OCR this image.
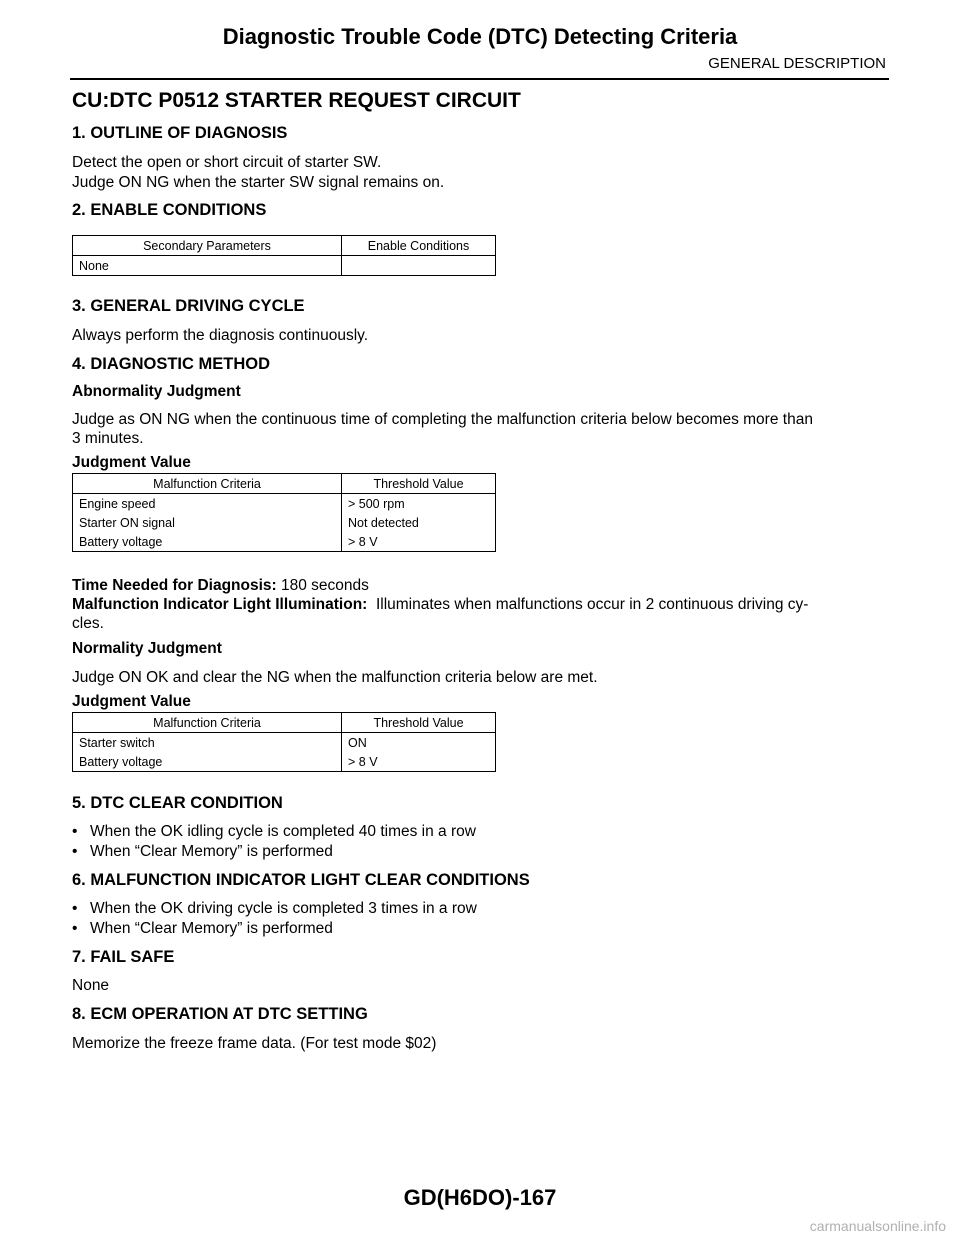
Diagnostic Trouble Code (DTC) Detecting Criteria
GENERAL DESCRIPTION
CU:DTC P0512 STARTER REQUEST CIRCUIT
1. OUTLINE OF DIAGNOSIS
Detect the open or short circuit of starter SW.
Judge ON NG when the starter SW signal remains on.
2. ENABLE CONDITIONS
Secondary Parameters	Enable Conditions
None	
3. GENERAL DRIVING CYCLE
Always perform the diagnosis continuously.
4. DIAGNOSTIC METHOD
Abnormality Judgment
Judge as ON NG when the continuous time of completing the malfunction criteria below becomes more than
3 minutes.
Judgment Value
Malfunction Criteria	Threshold Value
Engine speed	> 500 rpm
Starter ON signal	Not detected
Battery voltage	> 8 V
Time Needed for Diagnosis: 180 seconds
Malfunction Indicator Light Illumination:  Illuminates when malfunctions occur in 2 continuous driving cy-
cles.
Normality Judgment
Judge ON OK and clear the NG when the malfunction criteria below are met.
Judgment Value
Malfunction Criteria	Threshold Value
Starter switch	ON
Battery voltage	> 8 V
5. DTC CLEAR CONDITION
• When the OK idling cycle is completed 40 times in a row
• When “Clear Memory” is performed
6. MALFUNCTION INDICATOR LIGHT CLEAR CONDITIONS
• When the OK driving cycle is completed 3 times in a row
• When “Clear Memory” is performed
7. FAIL SAFE
None
8. ECM OPERATION AT DTC SETTING
Memorize the freeze frame data. (For test mode $02)
GD(H6DO)-167
carmanualsonline.info
